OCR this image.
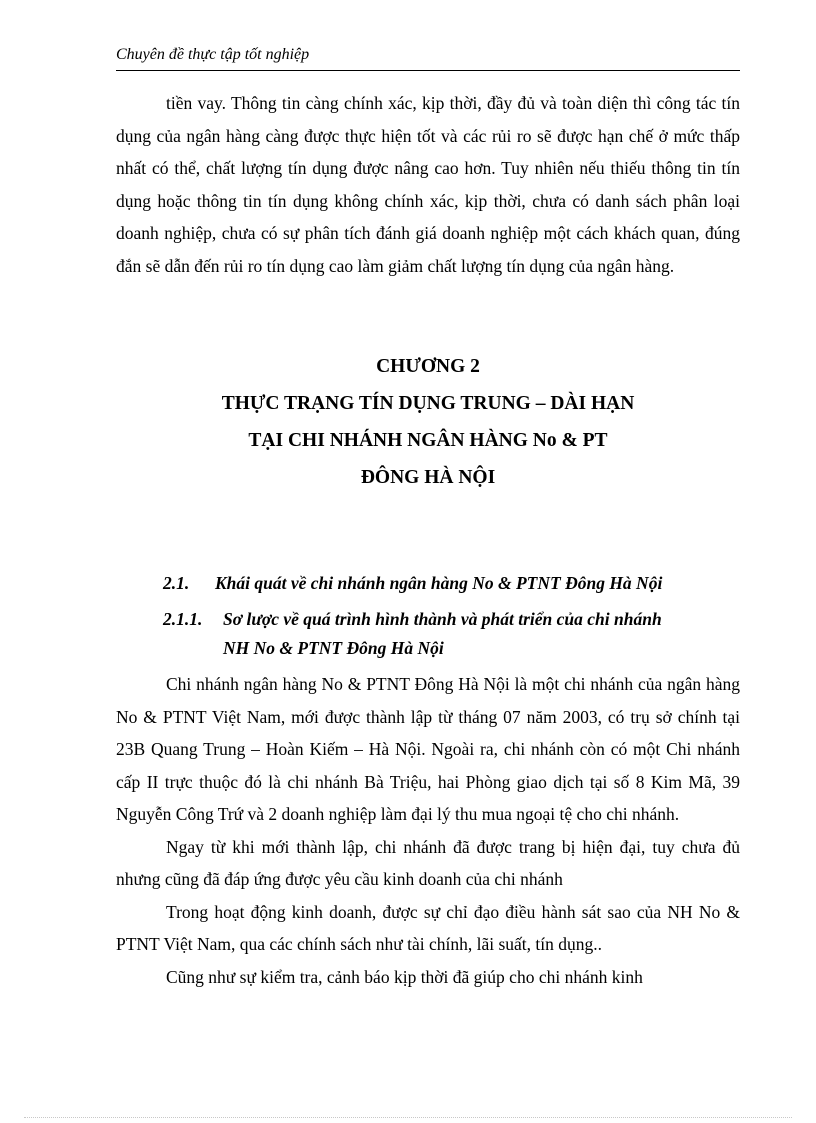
Chuyên đề thực tập tốt nghiệp

tiền vay. Thông tin càng chính xác, kịp thời, đầy đủ và toàn diện thì công tác tín dụng của ngân hàng càng được thực hiện tốt và các rủi ro sẽ được hạn chế ở mức thấp nhất có thể, chất lượng tín dụng được nâng cao hơn. Tuy nhiên nếu thiếu thông tin tín dụng hoặc thông tin tín dụng không chính xác, kịp thời, chưa có danh sách phân loại doanh nghiệp, chưa có sự phân tích đánh giá doanh nghiệp một cách khách quan, đúng đắn sẽ dẫn đến rủi ro tín dụng cao làm giảm chất lượng tín dụng của ngân hàng.

CHƯƠNG 2
THỰC TRẠNG TÍN DỤNG TRUNG – DÀI HẠN
TẠI CHI NHÁNH NGÂN HÀNG No & PT
ĐÔNG HÀ NỘI
2.1. Khái quát về chi nhánh ngân hàng No & PTNT Đông Hà Nội
2.1.1. Sơ lược về quá trình hình thành và phát triển của chi nhánh
NH No & PTNT Đông Hà Nội

Chi nhánh ngân hàng No & PTNT Đông Hà Nội là một chi nhánh của ngân hàng No & PTNT Việt Nam, mới được thành lập từ tháng 07 năm 2003, có trụ sở chính tại 23B Quang Trung – Hoàn Kiếm – Hà Nội. Ngoài ra, chi nhánh còn có một Chi nhánh cấp II trực thuộc đó là chi nhánh Bà Triệu, hai Phòng giao dịch tại số 8 Kim Mã, 39 Nguyễn Công Trứ và 2 doanh nghiệp làm đại lý thu mua ngoại tệ cho chi nhánh.

Ngay từ khi mới thành lập, chi nhánh đã được trang bị hiện đại, tuy chưa đủ nhưng cũng đã đáp ứng được yêu cầu kinh doanh của chi nhánh

Trong hoạt động kinh doanh, được sự chỉ đạo điều hành sát sao của NH No & PTNT Việt Nam, qua các chính sách như tài chính, lãi suất, tín dụng..

Cũng như sự kiểm tra, cảnh báo kịp thời đã giúp cho chi nhánh kinh
